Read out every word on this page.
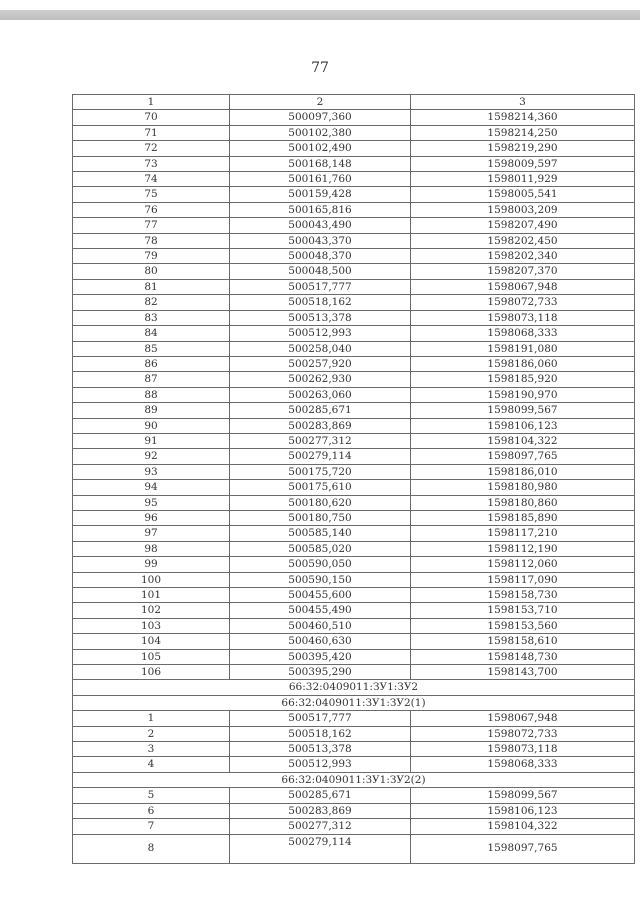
77
1	2	3
70	500097,360	1598214,360
71	500102,380	1598214,250
72	500102,490	1598219,290
73	500168,148	1598009,597
74	500161,760	1598011,929
75	500159,428	1598005,541
76	500165,816	1598003,209
77	500043,490	1598207,490
78	500043,370	1598202,450
79	500048,370	1598202,340
80	500048,500	1598207,370
81	500517,777	1598067,948
82	500518,162	1598072,733
83	500513,378	1598073,118
84	500512,993	1598068,333
85	500258,040	1598191,080
86	500257,920	1598186,060
87	500262,930	1598185,920
88	500263,060	1598190,970
89	500285,671	1598099,567
90	500283,869	1598106,123
91	500277,312	1598104,322
92	500279,114	1598097,765
93	500175,720	1598186,010
94	500175,610	1598180,980
95	500180,620	1598180,860
96	500180,750	1598185,890
97	500585,140	1598117,210
98	500585,020	1598112,190
99	500590,050	1598112,060
100	500590,150	1598117,090
101	500455,600	1598158,730
102	500455,490	1598153,710
103	500460,510	1598153,560
104	500460,630	1598158,610
105	500395,420	1598148,730
106	500395,290	1598143,700
66:32:0409011:ЗУ1:ЗУ2		
66:32:0409011:ЗУ1:ЗУ2(1)		
1	500517,777	1598067,948
2	500518,162	1598072,733
3	500513,378	1598073,118
4	500512,993	1598068,333
66:32:0409011:ЗУ1:ЗУ2(2)		
5	500285,671	1598099,567
6	500283,869	1598106,123
7	500277,312	1598104,322
8	500279,114	1598097,765
